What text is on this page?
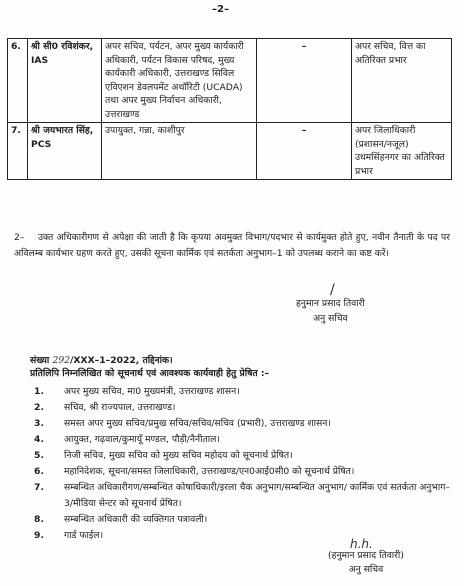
–2–
6.	श्री सी0 रविशंकर, IAS	अपर सचिव, पर्यटन, अपर मुख्य कार्यकारी अधिकारी, पर्यटन विकास परिषद, मुख्य कार्यकारी अधिकारी, उत्तराखण्ड सिविल एविएशन डेवलपमेंट अथॉरिटी (UCADA) तथा अपर मुख्य निर्वाचन अधिकारी, उत्तराखण्ड	–	अपर सचिव, वित्त का अतिरिक्त प्रभार
7.	श्री जयभारत सिंह, PCS	उपायुक्त, गन्ना, काशीपुर	–	अपर जिलाधिकारी (प्रशासन/नजूल) उधमसिंहनगर का अतिरिक्त प्रभार
2– उक्त अधिकारीगण से अपेक्षा की जाती है कि कृपया अवमुक्त विभाग/पदभार से कार्यमुक्त होते हुए, नवीन तैनाती के पद पर अविलम्ब कार्यभार ग्रहण करते हुए, उसकी सूचना कार्मिक एवं सतर्कता अनुभाग–1 को उपलब्ध कराने का कष्ट करें।
/
हनुमान प्रसाद तिवारी
अनु सचिव
संख्या 292/XXX–1–2022, तद्दिनांक।
प्रतिलिपि निम्नलिखित को सूचनार्थ एवं आवश्यक कार्यवाही हेतु प्रेषित :–
1.	अपर मुख्य सचिव, मा0 मुख्यमंत्री, उत्तराखण्ड शासन।
2.	सचिव, श्री राज्यपाल, उत्तराखण्ड।
3.	समस्त अपर मुख्य सचिव/प्रमुख सचिव/सचिव/सचिव (प्रभारी), उत्तराखण्ड शासन।
4.	आयुक्त, गढ़वाल/कुमायूँ मण्डल, पौड़ी/नैनीताल।
5.	निजी सचिव, मुख्य सचिव को मुख्य सचिव महोदय को सूचनार्थ प्रेषित।
6.	महानिदेशक, सूचना/समस्त जिलाधिकारी, उत्तराखण्ड/एन0आई0सी0 को सूचनार्थ प्रेषित।
7.	सम्बन्धित अधिकारीगण/सम्बन्धित कोषाधिकारी/इरला चैक अनुभाग/सम्बन्धित अनुभाग/ कार्मिक एवं सतर्कता अनुभाग–3/मीडिया सेन्टर को सूचनार्थ प्रेषित।
8.	सम्बन्धित अधिकारी की व्यक्तिगत पत्रावली।
9.	गार्ड फाईल।
h.h.
(हनुमान प्रसाद तिवारी)
अनु सचिव
